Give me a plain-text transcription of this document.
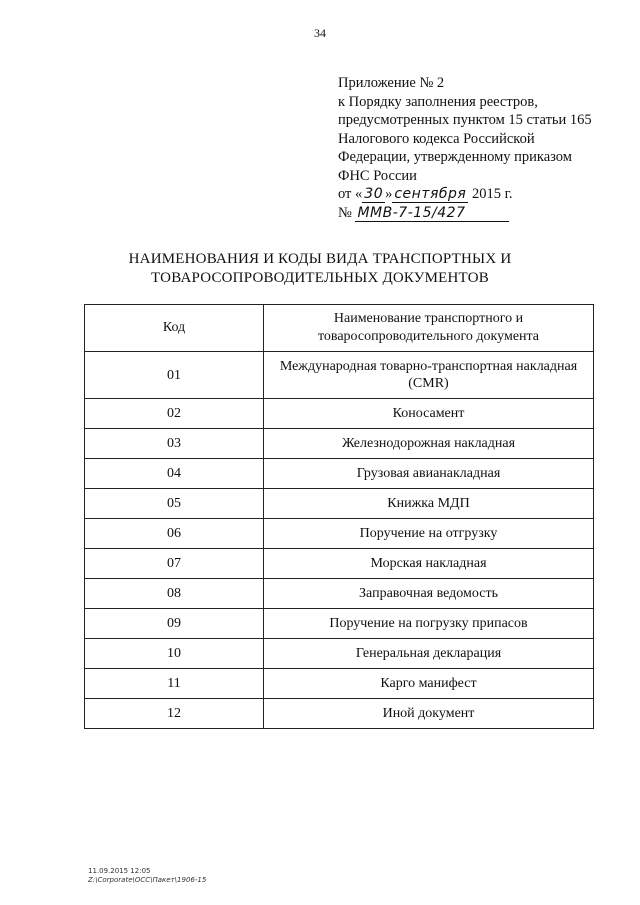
34
Приложение № 2
к Порядку заполнения реестров,
предусмотренных пунктом 15 статьи 165
Налогового кодекса Российской
Федерации, утвержденному приказом
ФНС России
от « 30 » сентября 2015 г.
№ ММВ-7-15/427
НАИМЕНОВАНИЯ И КОДЫ ВИДА ТРАНСПОРТНЫХ И
ТОВАРОСОПРОВОДИТЕЛЬНЫХ ДОКУМЕНТОВ
Код	Наименование транспортного и
товаросопроводительного документа

01	Международная товарно-транспортная накладная
(CMR)

02	Коносамент
03	Железнодорожная накладная
04	Грузовая авианакладная
05	Книжка МДП
06	Поручение на отгрузку
07	Морская накладная
08	Заправочная ведомость
09	Поручение на погрузку припасов
10	Генеральная декларация
11	Карго манифест
12	Иной документ
11.09.2015 12:05
Z:\Corporate\ОСС\Пакет\1906-15
